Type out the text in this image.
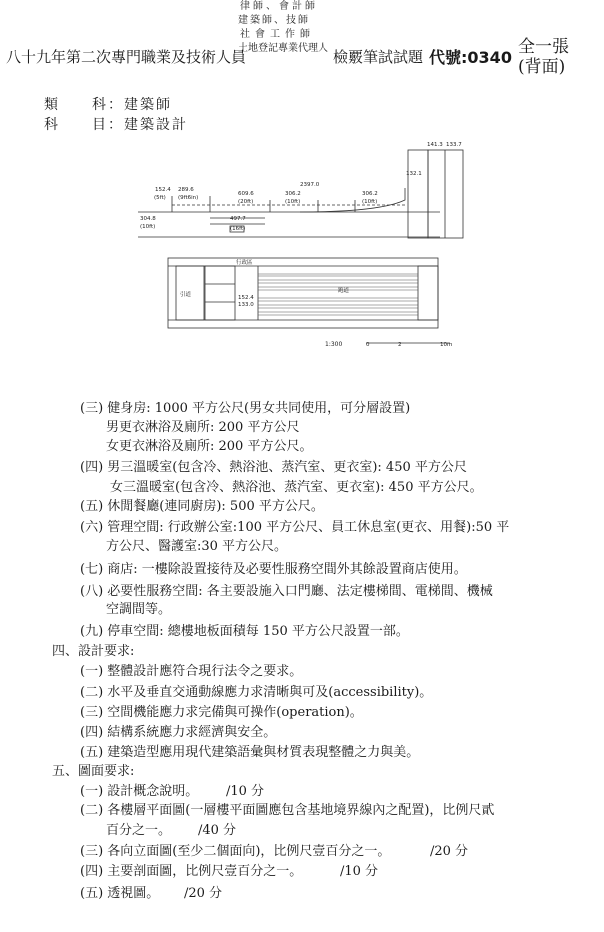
八十九年第二次專門職業及技術人員
律師、會計師
建築師、技師
社會工作師
土地登記專業代理人 檢覈筆試試題 代號:0340
全一張
(背面)
類　　科：建築師
科　　目：建築設計
152.4 289.6
(9ft6in)
(5ft)
609.6
(20ft)
306.2
(10ft)
2397.0
306.2
(10ft)
132.1
141.3 133.7
304.8
(10ft)
497.7
(16ft)
152.4
133.0
行政區
引道
跑道
1:300	0	2	10m
(三) 健身房: 1000 平方公尺(男女共同使用，可分層設置)
男更衣淋浴及廁所: 200 平方公尺
女更衣淋浴及廁所: 200 平方公尺。
(四) 男三溫暖室(包含冷、熱浴池、蒸汽室、更衣室): 450 平方公尺
女三溫暖室(包含冷、熱浴池、蒸汽室、更衣室): 450 平方公尺。
(五) 休閒餐廳(連同廚房): 500 平方公尺。
(六) 管理空間: 行政辦公室:100 平方公尺、員工休息室(更衣、用餐):50 平
方公尺、醫護室:30 平方公尺。
(七) 商店: 一樓除設置接待及必要性服務空間外其餘設置商店使用。
(八) 必要性服務空間: 各主要設施入口門廳、法定樓梯間、電梯間、機械
空調間等。
(九) 停車空間: 總樓地板面積每 150 平方公尺設置一部。
四、設計要求:
(一) 整體設計應符合現行法令之要求。
(二) 水平及垂直交通動線應力求清晰與可及(accessibility)。
(三) 空間機能應力求完備與可操作(operation)。
(四) 結構系統應力求經濟與安全。
(五) 建築造型應用現代建築語彙與材質表現整體之力與美。
五、圖面要求:
(一) 設計概念說明。 /10 分
(二) 各樓層平面圖(一層樓平面圖應包含基地境界線內之配置)，比例尺貳
百分之一。 /40 分
(三) 各向立面圖(至少二個面向)，比例尺壹百分之一。	/20 分
(四) 主要剖面圖，比例尺壹百分之一。	/10 分
(五) 透視圖。 /20 分
